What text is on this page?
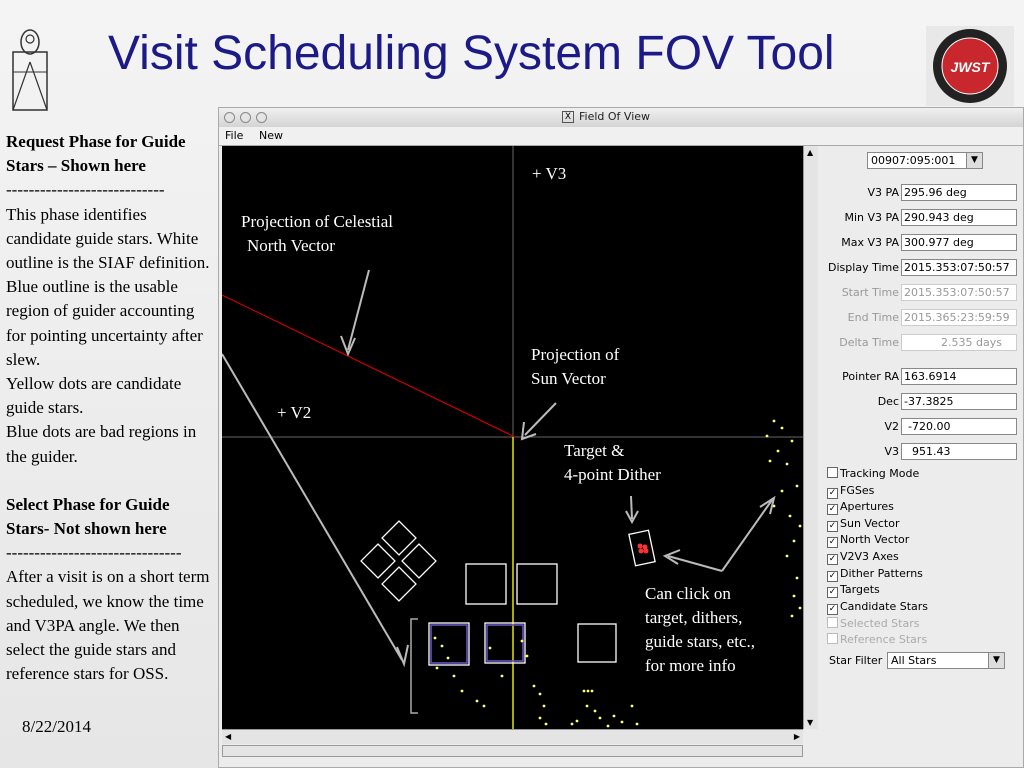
Visit Scheduling System FOV Tool	JWST
Request Phase for Guide Stars – Shown here
----------------------------
This phase identifies candidate guide stars. White outline is the SIAF definition.
Blue outline is the usable region of guider accounting for pointing uncertainty after slew.
Yellow dots are candidate guide stars.
Blue dots are bad regions in the guider.
Select Phase for Guide Stars- Not shown here
-------------------------------
After a visit is on a short term scheduled, we know the time and V3PA angle. We then select the guide stars and reference stars for OSS.
8/22/2014
X Field Of View
File New
+ V3
+ V2
Projection of Celestial
North Vector
Projection of
Sun Vector
Target &
4-point Dither
Can click on
target, dithers,
guide stars, etc.,
for more info
▲
▼
◀	▶
00907:095:001	▼
V3 PA 295.96 deg
Min V3 PA 290.943 deg
Max V3 PA 300.977 deg
Display Time 2015.353:07:50:57
Start Time 2015.353:07:50:57
End Time 2015.365:23:59:59
Delta Time	2.535 days
Pointer RA 163.6914
Dec -37.3825
V2 -720.00
V3	951.43
Tracking Mode
✓ FGSes
✓ Apertures
✓ Sun Vector
✓ North Vector
✓ V2V3 Axes
✓ Dither Patterns
✓ Targets
✓ Candidate Stars
Selected Stars
Reference Stars
Star Filter All Stars	▼
